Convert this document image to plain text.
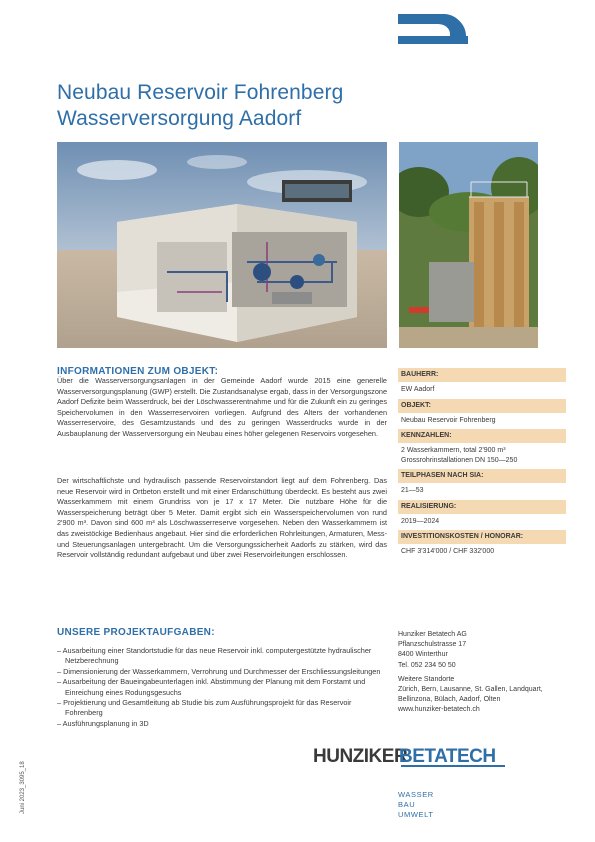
Neubau Reservoir Fohrenberg
Wasserversorgung Aadorf
INFORMATIONEN ZUM OBJEKT:
Über die Wasserversorgungsanlagen in der Gemeinde Aadorf wurde 2015 eine generelle Wasserversorgungsplanung (GWP) erstellt. Die Zustandsanalyse ergab, dass in der Versorgungszone Aadorf Defizite beim Wasserdruck, bei der Löschwasserentnahme und für die Zukunft ein zu geringes Speichervolumen in den Wasserreservoiren vorliegen. Aufgrund des Alters der vorhandenen Wasserreservoire, des Gesamtzustands und des zu geringen Wasserdrucks wurde in der Ausbauplanung der Wasserversorgung ein Neubau eines höher gelegenen Reservoirs vorgesehen.
Der wirtschaftlichste und hydraulisch passende Reservoirstandort liegt auf dem Fohrenberg. Das neue Reservoir wird in Ortbeton erstellt und mit einer Erdanschüttung überdeckt. Es besteht aus zwei Wasserkammern mit einem Grundriss von je 17 x 17 Meter. Die nutzbare Höhe für die Wasserspeicherung beträgt über 5 Meter. Damit ergibt sich ein Wasserspeichervolumen von rund 2'900 m³. Davon sind 600 m³ als Löschwasserreserve vorgesehen. Neben den Wasserkammern ist das zweistöckige Bedienhaus angebaut. Hier sind die erforderlichen Rohrleitungen, Armaturen, Mess- und Steuerungsanlagen untergebracht. Um die Versorgungssicherheit Aadorfs zu stärken, wird das Reservoir vollständig redundant aufgebaut und über zwei Reservoirleitungen erschlossen.
BAUHERR:
EW Aadorf
OBJEKT:
Neubau Reservoir Fohrenberg
KENNZAHLEN:
2 Wasserkammern, total 2'900 m³
Grossrohrinstallationen DN 150—250
TEILPHASEN NACH SIA:
21—53
REALISIERUNG:
2019—2024
INVESTITIONSKOSTEN / HONORAR:
CHF 3'314'000 / CHF 332'000
UNSERE PROJEKTAUFGABEN:
– Ausarbeitung einer Standortstudie für das neue Reservoir inkl. computergestützte hydraulischer Netzberechnung
– Dimensionierung der Wasserkammern, Verrohrung und Durchmesser der Erschliessungsleitungen
– Ausarbeitung der Baueingabeunterlagen inkl. Abstimmung der Planung mit dem Forstamt und Einreichung eines Rodungsgesuchs
– Projektierung und Gesamtleitung ab Studie bis zum Ausführungsprojekt für das Reservoir Fohrenberg
– Ausführungsplanung in 3D
Hunziker Betatech AG
Pflanzschulstrasse 17
8400 Winterthur
Tel. 052 234 50 50
Weitere Standorte
Zürich, Bern, Lausanne, St. Gallen, Landquart, Bellinzona, Bülach, Aadorf, Olten
www.hunziker-betatech.ch
HUNZIKER
BETATECH
WASSER
BAU
UMWELT
Juni 2023_3095_18
